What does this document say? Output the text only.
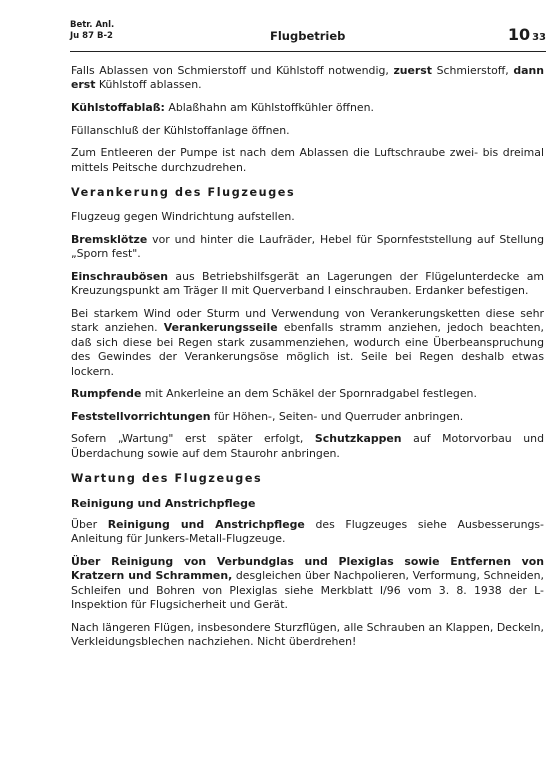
Betr. Anl.
Ju 87 B-2	Flugbetrieb	10 33

Falls Ablassen von Schmierstoff und Kühlstoff notwendig, zuerst Schmierstoff, dann erst Kühlstoff ablassen.

Kühlstoffablaß: Ablaßhahn am Kühlstoffkühler öffnen.

Füllanschluß der Kühlstoffanlage öffnen.

Zum Entleeren der Pumpe ist nach dem Ablassen die Luftschraube zwei- bis dreimal mittels Peitsche durchzudrehen.

Verankerung des Flugzeuges

Flugzeug gegen Windrichtung aufstellen.

Bremsklötze vor und hinter die Laufräder, Hebel für Spornfeststellung auf Stellung „Sporn fest".

Einschraubösen aus Betriebshilfsgerät an Lagerungen der Flügelunterdecke am Kreuzungspunkt am Träger II mit Querverband I einschrauben. Erdanker befestigen.

Bei starkem Wind oder Sturm und Verwendung von Verankerungsketten diese sehr stark anziehen. Verankerungsseile ebenfalls stramm anziehen, jedoch beachten, daß sich diese bei Regen stark zusammenziehen, wodurch eine Überbeanspruchung des Gewindes der Verankerungsöse möglich ist. Seile bei Regen deshalb etwas lockern.

Rumpfende mit Ankerleine an dem Schäkel der Spornradgabel festlegen.

Feststellvorrichtungen für Höhen-, Seiten- und Querruder anbringen.

Sofern „Wartung" erst später erfolgt, Schutzkappen auf Motorvorbau und Überdachung sowie auf dem Staurohr anbringen.

Wartung des Flugzeuges
Reinigung und Anstrichpflege

Über Reinigung und Anstrichpflege des Flugzeuges siehe Ausbesserungs-Anleitung für Junkers-Metall-Flugzeuge.

Über Reinigung von Verbundglas und Plexiglas sowie Entfernen von Kratzern und Schrammen, desgleichen über Nachpolieren, Verformung, Schneiden, Schleifen und Bohren von Plexiglas siehe Merkblatt I/96 vom 3. 8. 1938 der L-Inspektion für Flugsicherheit und Gerät.

Nach längeren Flügen, insbesondere Sturzflügen, alle Schrauben an Klappen, Deckeln, Verkleidungsblechen nachziehen. Nicht überdrehen!
